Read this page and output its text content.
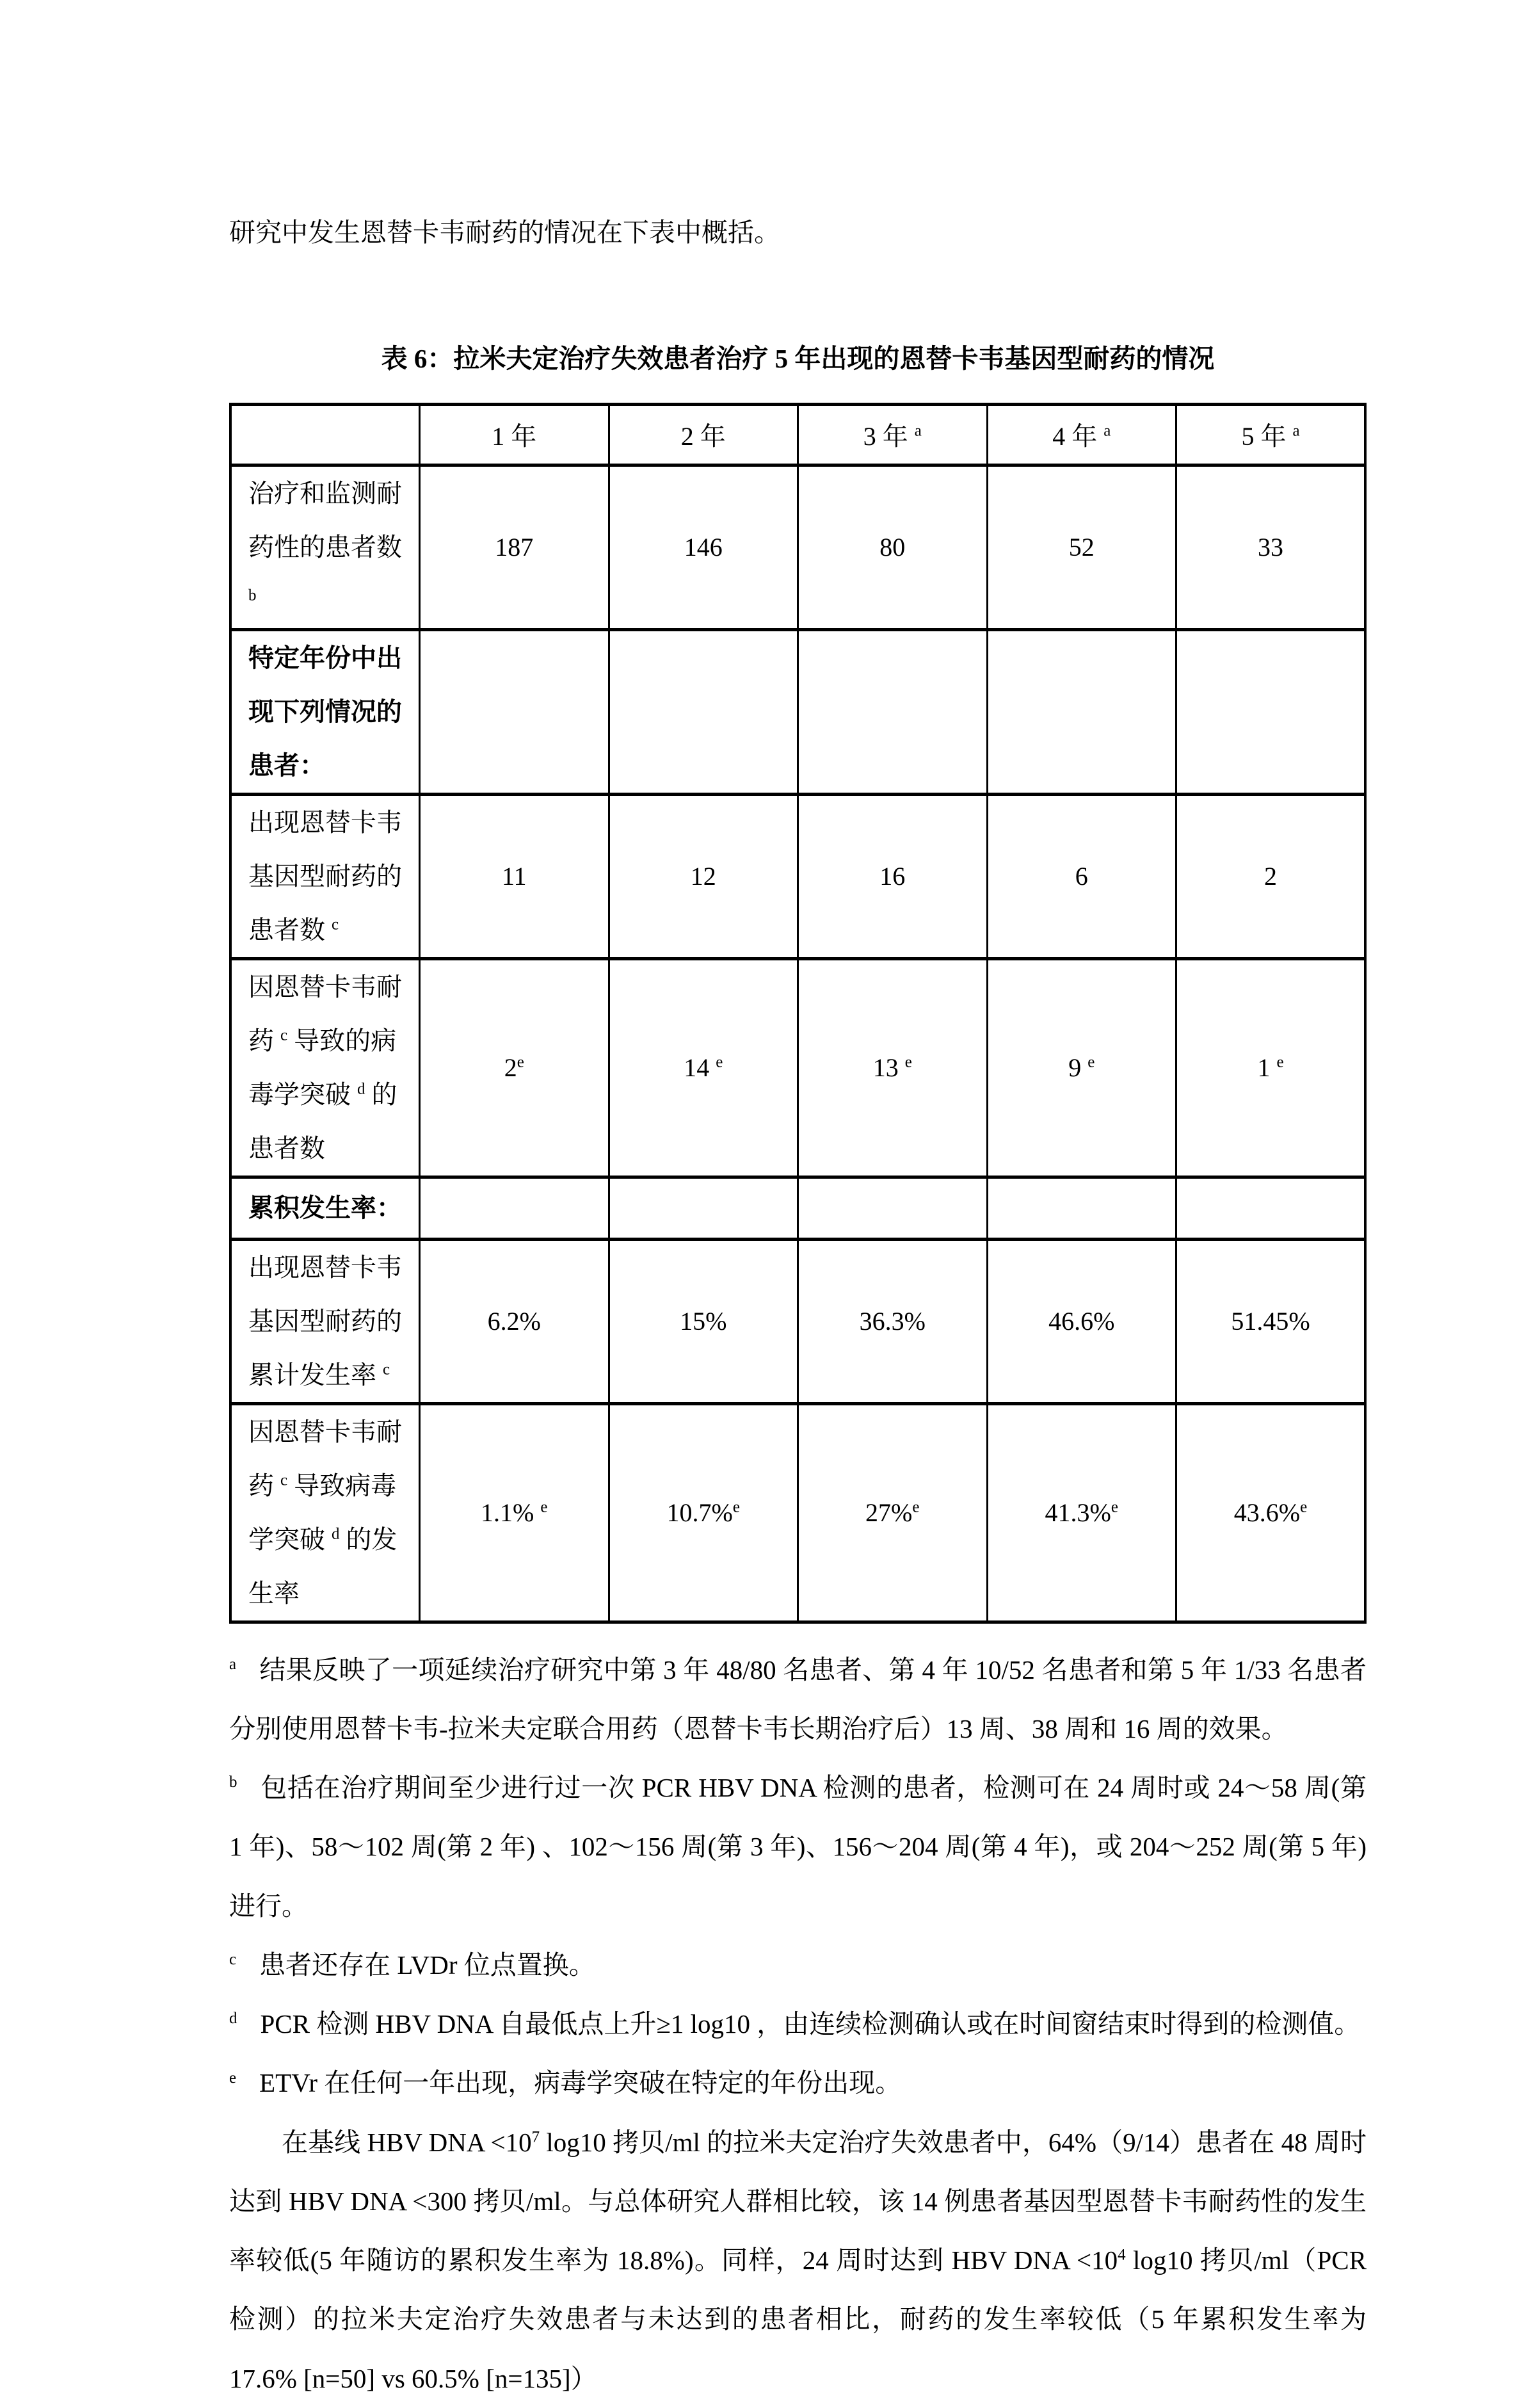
研究中发生恩替卡韦耐药的情况在下表中概括。

表 6：拉米夫定治疗失效患者治疗 5 年出现的恩替卡韦基因型耐药的情况
	1 年	2 年	3 年 $^a$	4 年 $^a$	5 年 $^a$
治疗和监测耐药性的患者数 $^b$	187	146	80	52	33
特定年份中出现下列情况的患者：					
出现恩替卡韦基因型耐药的患者数 $^c$	11	12	16	6	2
因恩替卡韦耐药 $^c$ 导致的病毒学突破 $^d$ 的患者数	2e	14 $^e$	13 $^e$	9 $^e$	1 $^e$
累积发生率：					
出现恩替卡韦基因型耐药的累计发生率 $^c$	6.2%	15%	36.3%	46.6%	51.45%
因恩替卡韦耐药 $^c$ 导致病毒学突破 $^d$ 的发生率	1.1% $^e$	10.7%$^e$	27%$^e$	41.3%$^e$	43.6%$^e$

$^a$ 结果反映了一项延续治疗研究中第 3 年 48/80 名患者、第 4 年 10/52 名患者和第 5 年 1/33 名患者分别使用恩替卡韦-拉米夫定联合用药（恩替卡韦长期治疗后）13 周、38 周和 16 周的效果。

$^b$ 包括在治疗期间至少进行过一次 PCR HBV DNA 检测的患者，检测可在 24 周时或 24～58 周(第 1 年)、58～102 周(第 2 年) 、102～156 周(第 3 年)、156～204 周(第 4 年)，或 204～252 周(第 5 年)进行。

$^c$ 患者还存在 LVDr 位点置换。

$^d$ PCR 检测 HBV DNA 自最低点上升≥1 log10 ，由连续检测确认或在时间窗结束时得到的检测值。

$^e$ ETVr 在任何一年出现，病毒学突破在特定的年份出现。

在基线 HBV DNA $<10^7$ log10 拷贝/ml 的拉米夫定治疗失效患者中，64%（9/14）患者在 48 周时达到 HBV DNA <300 拷贝/ml。与总体研究人群相比较，该 14 例患者基因型恩替卡韦耐药性的发生率较低(5 年随访的累积发生率为 18.8%)。同样，24 周时达到 HBV DNA $<10^4$ log10 拷贝/ml（PCR 检测）的拉米夫定治疗失效患者与未达到的患者相比，耐药的发生率较低（5 年累积发生率为 17.6% [n=50] vs 60.5% [n=135]）
